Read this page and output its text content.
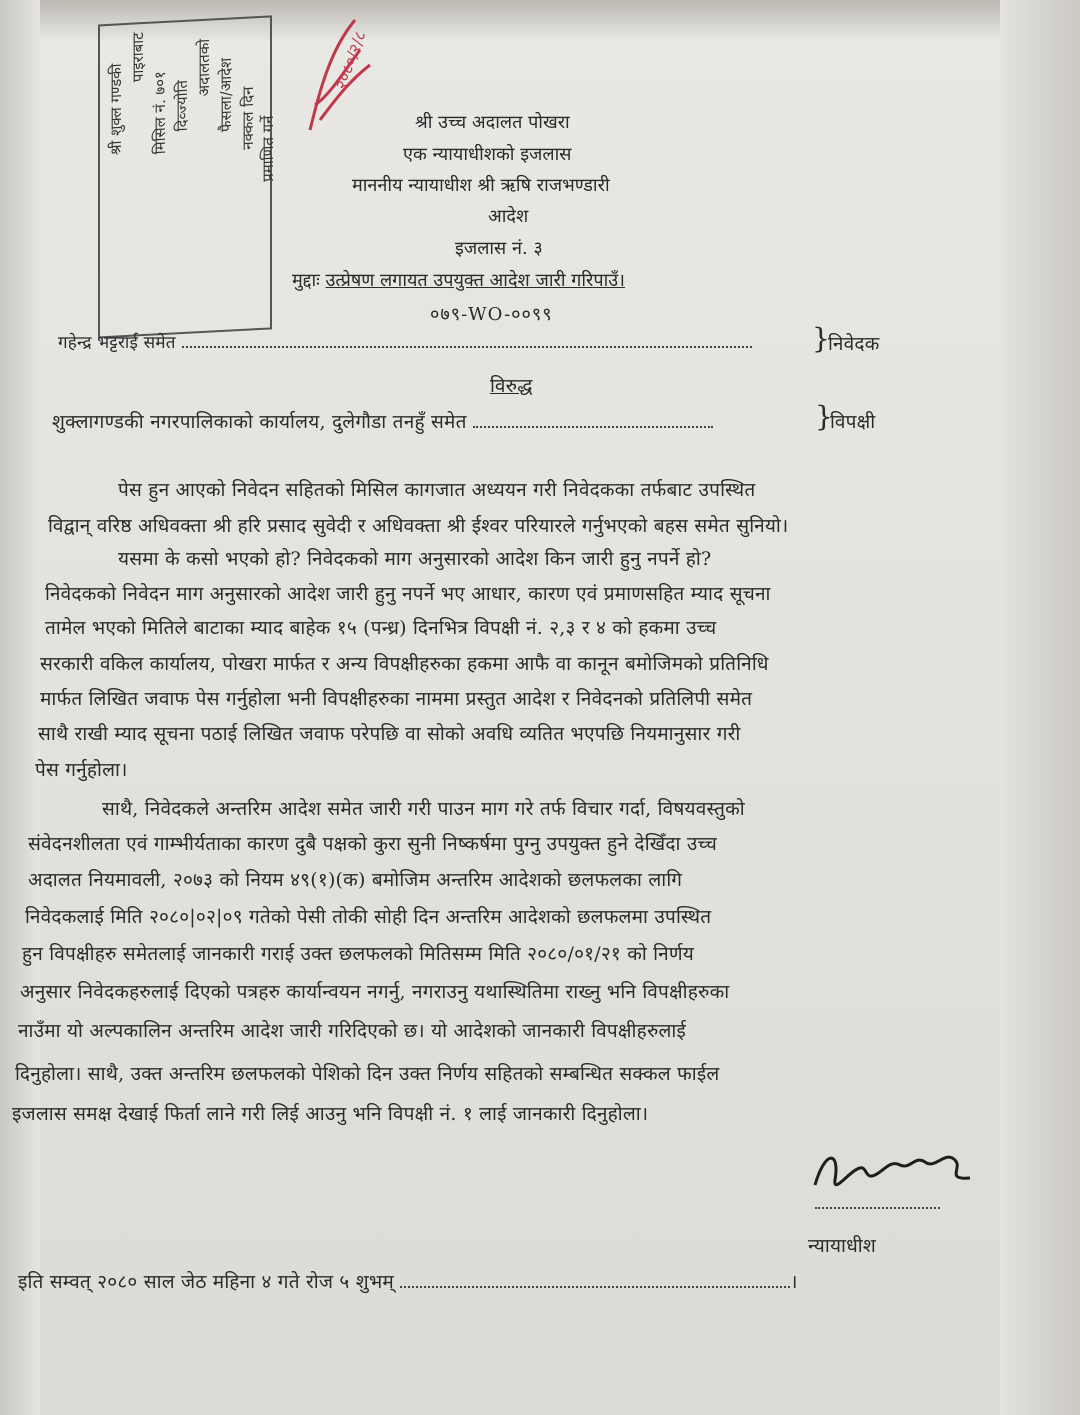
श्री शुक्ल गण्डकी
पाइराबाट
मिसिल नं. ७०१ दिव्ज्योति
अदालतको फैसला/आदेश नक्कल दिन प्रमाणित गर्ने
२०८०/२/८
श्री उच्च अदालत पोखरा
एक न्यायाधीशको इजलास
माननीय न्यायाधीश श्री ऋषि राजभण्डारी
आदेश
इजलास नं. ३
मुद्दाः उत्प्रेषण लगायत उपयुक्त आदेश जारी गरिपाउँ।
०७९-WO-००९९
गहेन्द्र भट्टराई समेत	}
निवेदक
विरुद्ध
शुक्लागण्डकी नगरपालिकाको कार्यालय, दुलेगौडा तनहुँ समेत	}
विपक्षी
पेस हुन आएको निवेदन सहितको मिसिल कागजात अध्ययन गरी निवेदकका तर्फबाट उपस्थित
विद्वान् वरिष्ठ अधिवक्ता श्री हरि प्रसाद सुवेदी र अधिवक्ता श्री ईश्वर परियारले गर्नुभएको बहस समेत सुनियो।
यसमा के कसो भएको हो? निवेदकको माग अनुसारको आदेश किन जारी हुनु नपर्ने हो?
निवेदकको निवेदन माग अनुसारको आदेश जारी हुनु नपर्ने भए आधार, कारण एवं प्रमाणसहित म्याद सूचना
तामेल भएको मितिले बाटाका म्याद बाहेक १५ (पन्ध्र) दिनभित्र विपक्षी नं. २,३ र ४ को हकमा उच्च
सरकारी वकिल कार्यालय, पोखरा मार्फत र अन्य विपक्षीहरुका हकमा आफै वा कानून बमोजिमको प्रतिनिधि
मार्फत लिखित जवाफ पेस गर्नुहोला भनी विपक्षीहरुका नाममा प्रस्तुत आदेश र निवेदनको प्रतिलिपी समेत
साथै राखी म्याद सूचना पठाई लिखित जवाफ परेपछि वा सोको अवधि व्यतित भएपछि नियमानुसार गरी
पेस गर्नुहोला।
साथै, निवेदकले अन्तरिम आदेश समेत जारी गरी पाउन माग गरे तर्फ विचार गर्दा, विषयवस्तुको
संवेदनशीलता एवं गाम्भीर्यताका कारण दुबै पक्षको कुरा सुनी निष्कर्षमा पुग्नु उपयुक्त हुने देखिँदा उच्च
अदालत नियमावली, २०७३ को नियम ४९(१)(क) बमोजिम अन्तरिम आदेशको छलफलका लागि
निवेदकलाई मिति २०८०|०२|०९ गतेको पेसी तोकी सोही दिन अन्तरिम आदेशको छलफलमा उपस्थित
हुन विपक्षीहरु समेतलाई जानकारी गराई उक्त छलफलको मितिसम्म मिति २०८०/०१/२१ को निर्णय
अनुसार निवेदकहरुलाई दिएको पत्रहरु कार्यान्वयन नगर्नु, नगराउनु यथास्थितिमा राख्नु भनि विपक्षीहरुका
नाउँमा यो अल्पकालिन अन्तरिम आदेश जारी गरिदिएको छ। यो आदेशको जानकारी विपक्षीहरुलाई
दिनुहोला। साथै, उक्त अन्तरिम छलफलको पेशिको दिन उक्त निर्णय सहितको सम्बन्धित सक्कल फाईल
इजलास समक्ष देखाई फिर्ता लाने गरी लिई आउनु भनि विपक्षी नं. १ लाई जानकारी दिनुहोला।
न्यायाधीश
इति सम्वत् २०८० साल जेठ महिना ४ गते रोज ५ शुभम्	।
